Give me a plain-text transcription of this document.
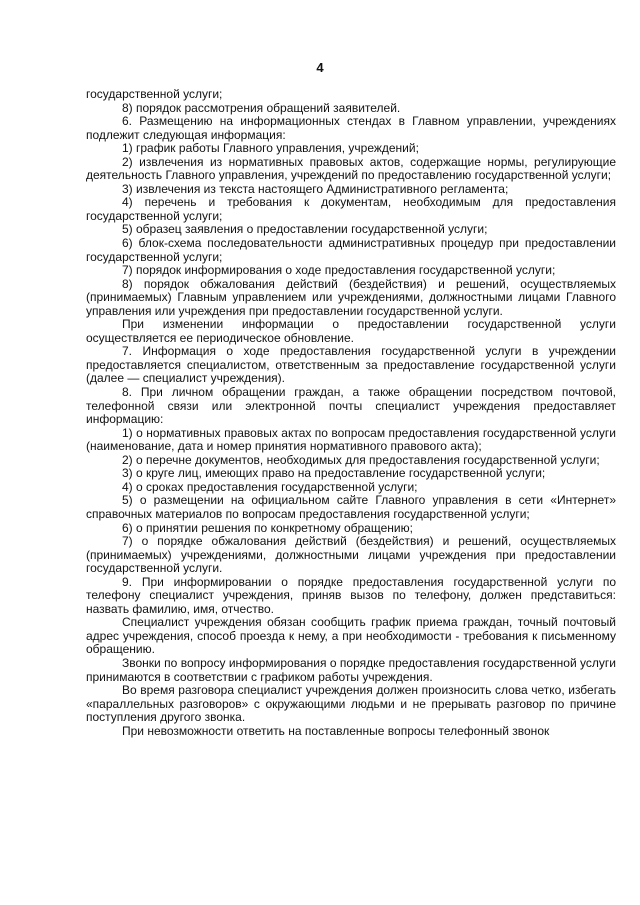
4

государственной услуги;

8) порядок рассмотрения обращений заявителей.

6. Размещению на информационных стендах в Главном управлении, учреждениях подлежит следующая информация:

1) график работы Главного управления, учреждений;

2) извлечения из нормативных правовых актов, содержащие нормы, регулирующие деятельность Главного управления, учреждений по предоставлению государственной услуги;

3) извлечения из текста настоящего Административного регламента;

4) перечень и требования к документам, необходимым для предоставления государственной услуги;

5) образец заявления о предоставлении государственной услуги;

6) блок-схема последовательности административных процедур при предоставлении государственной услуги;

7) порядок информирования о ходе предоставления государственной услуги;

8) порядок обжалования действий (бездействия) и решений, осуществляемых (принимаемых) Главным управлением или учреждениями, должностными лицами Главного управления или учреждения при предоставлении государственной услуги.

При изменении информации о предоставлении государственной услуги осуществляется ее периодическое обновление.

7. Информация о ходе предоставления государственной услуги в учреждении предоставляется специалистом, ответственным за предоставление государственной услуги (далее — специалист учреждения).

8. При личном обращении граждан, а также обращении посредством почтовой, телефонной связи или электронной почты специалист учреждения предоставляет информацию:

1) о нормативных правовых актах по вопросам предоставления государственной услуги (наименование, дата и номер принятия нормативного правового акта);

2) о перечне документов, необходимых для предоставления государственной услуги;

3) о круге лиц, имеющих право на предоставление государственной услуги;

4) о сроках предоставления государственной услуги;

5) о размещении на официальном сайте Главного управления в сети «Интернет» справочных материалов по вопросам предоставления государственной услуги;

6) о принятии решения по конкретному обращению;

7) о порядке обжалования действий (бездействия) и решений, осуществляемых (принимаемых) учреждениями, должностными лицами учреждения при предоставлении государственной услуги.

9. При информировании о порядке предоставления государственной услуги по телефону специалист учреждения, приняв вызов по телефону, должен представиться: назвать фамилию, имя, отчество.

Специалист учреждения обязан сообщить график приема граждан, точный почтовый адрес учреждения, способ проезда к нему, а при необходимости - требования к письменному обращению.

Звонки по вопросу информирования о порядке предоставления государственной услуги принимаются в соответствии с графиком работы учреждения.

Во время разговора специалист учреждения должен произносить слова четко, избегать «параллельных разговоров» с окружающими людьми и не прерывать разговор по причине поступления другого звонка.

При невозможности ответить на поставленные вопросы телефонный звонок
